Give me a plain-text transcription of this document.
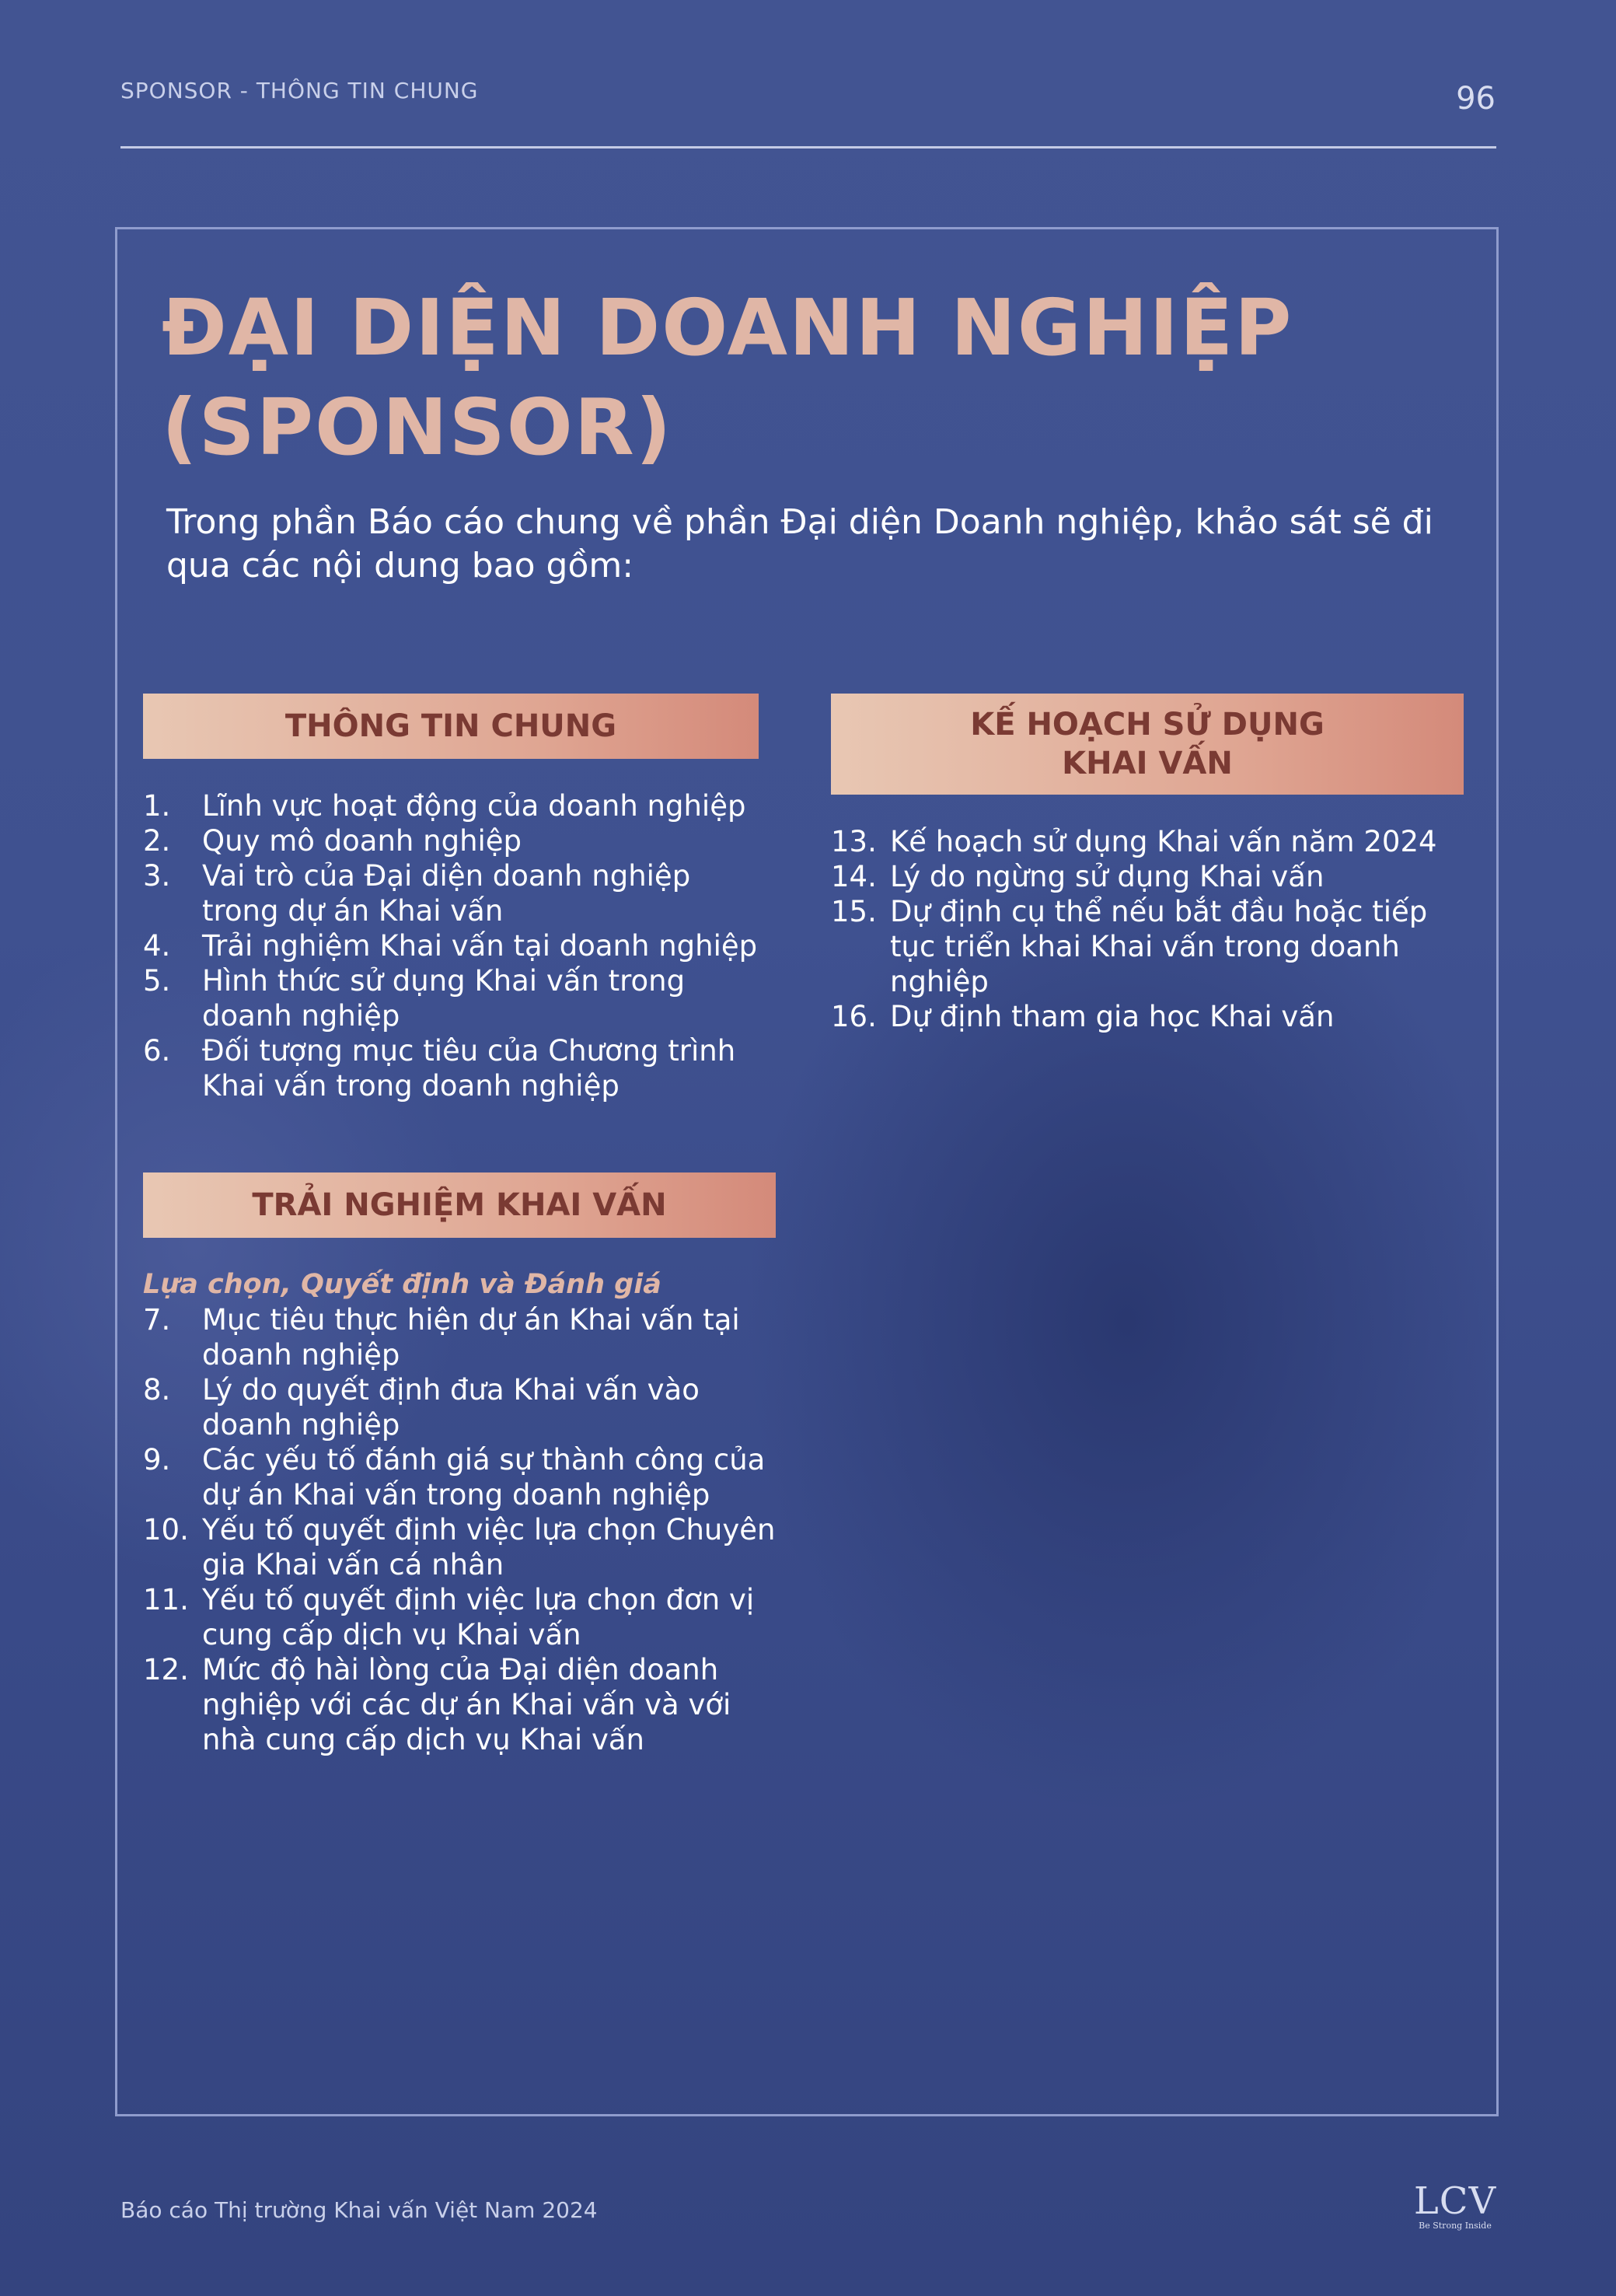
SPONSOR - THÔNG TIN CHUNG	96
ĐẠI DIỆN DOANH NGHIỆP
(SPONSOR)
Trong phần Báo cáo chung về phần Đại diện Doanh nghiệp, khảo sát sẽ đi qua các nội dung bao gồm:
THÔNG TIN CHUNG
1.	Lĩnh vực hoạt động của doanh nghiệp
2.	Quy mô doanh nghiệp
3.	Vai trò của Đại diện doanh nghiệp trong dự án Khai vấn
4.	Trải nghiệm Khai vấn tại doanh nghiệp
5.	Hình thức sử dụng Khai vấn trong doanh nghiệp
6.	Đối tượng mục tiêu của Chương trình Khai vấn trong doanh nghiệp
KẾ HOẠCH SỬ DỤNG
KHAI VẤN
13. Kế hoạch sử dụng Khai vấn năm 2024
14. Lý do ngừng sử dụng Khai vấn
15. Dự định cụ thể nếu bắt đầu hoặc tiếp tục triển khai Khai vấn trong doanh nghiệp
16. Dự định tham gia học Khai vấn
TRẢI NGHIỆM KHAI VẤN
Lựa chọn, Quyết định và Đánh giá
7.	Mục tiêu thực hiện dự án Khai vấn tại doanh nghiệp
8.	Lý do quyết định đưa Khai vấn vào doanh nghiệp
9.	Các yếu tố đánh giá sự thành công của dự án Khai vấn trong doanh nghiệp
10. Yếu tố quyết định việc lựa chọn Chuyên gia Khai vấn cá nhân
11. Yếu tố quyết định việc lựa chọn đơn vị cung cấp dịch vụ Khai vấn
12. Mức độ hài lòng của Đại diện doanh nghiệp với các dự án Khai vấn và với nhà cung cấp dịch vụ Khai vấn
Báo cáo Thị trường Khai vấn Việt Nam 2024	LCV
Be Strong Inside
